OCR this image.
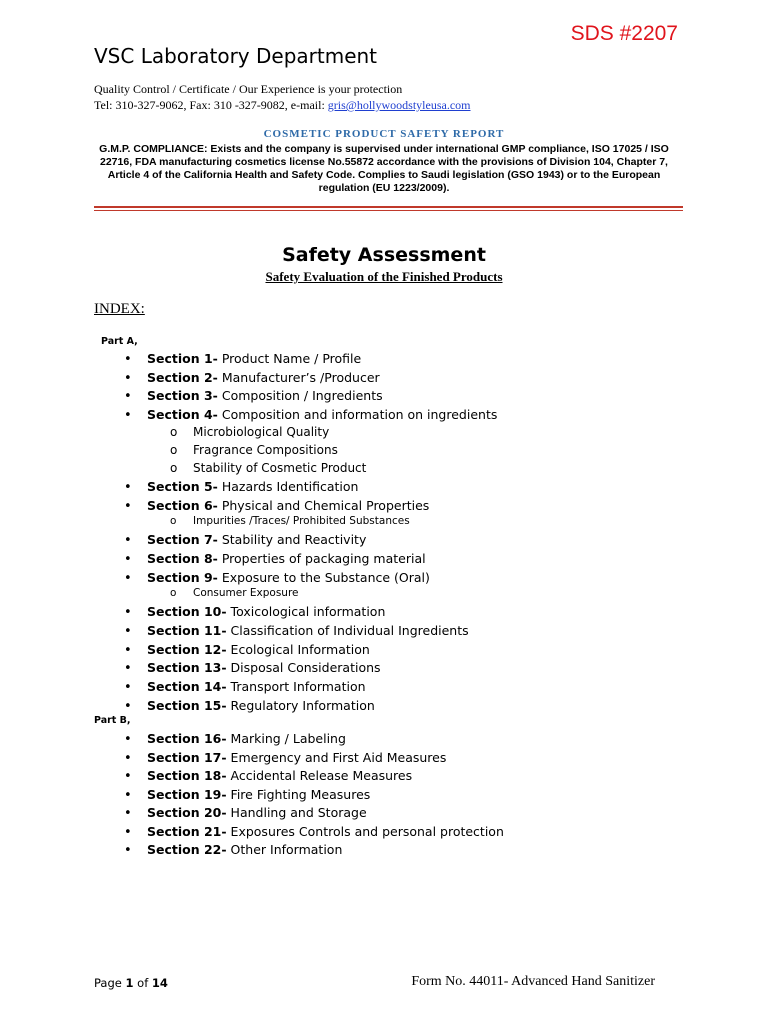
SDS #2207
VSC Laboratory Department
Quality Control / Certificate / Our Experience is your protection
Tel: 310-327-9062, Fax: 310 -327-9082, e-mail: gris@hollywoodstyleusa.com
COSMETIC PRODUCT SAFETY REPORT
G.M.P. COMPLIANCE: Exists and the company is supervised under international GMP compliance, ISO 17025 / ISO 22716, FDA manufacturing cosmetics license No.55872 accordance with the provisions of Division 104, Chapter 7, Article 4 of the California Health and Safety Code. Complies to Saudi legislation (GSO 1943) or to the European regulation (EU 1223/2009).
Safety Assessment
Safety Evaluation of the Finished Products
INDEX:
Part A,
Part B,
• Section 1- Product Name / Profile
• Section 2- Manufacturer’s /Producer
• Section 3- Composition / Ingredients
• Section 4- Composition and information on ingredients
o Microbiological Quality
o Fragrance Compositions
o Stability of Cosmetic Product
• Section 5- Hazards Identification
• Section 6- Physical and Chemical Properties
o Impurities /Traces/ Prohibited Substances
• Section 7- Stability and Reactivity
• Section 8- Properties of packaging material
• Section 9- Exposure to the Substance (Oral)
o Consumer Exposure
• Section 10- Toxicological information
• Section 11- Classification of Individual Ingredients
• Section 12- Ecological Information
• Section 13- Disposal Considerations
• Section 14- Transport Information
• Section 15- Regulatory Information
• Section 16- Marking / Labeling
• Section 17- Emergency and First Aid Measures
• Section 18- Accidental Release Measures
• Section 19- Fire Fighting Measures
• Section 20- Handling and Storage
• Section 21- Exposures Controls and personal protection
• Section 22- Other Information
Page 1 of 14	Form No. 44011- Advanced Hand Sanitizer
